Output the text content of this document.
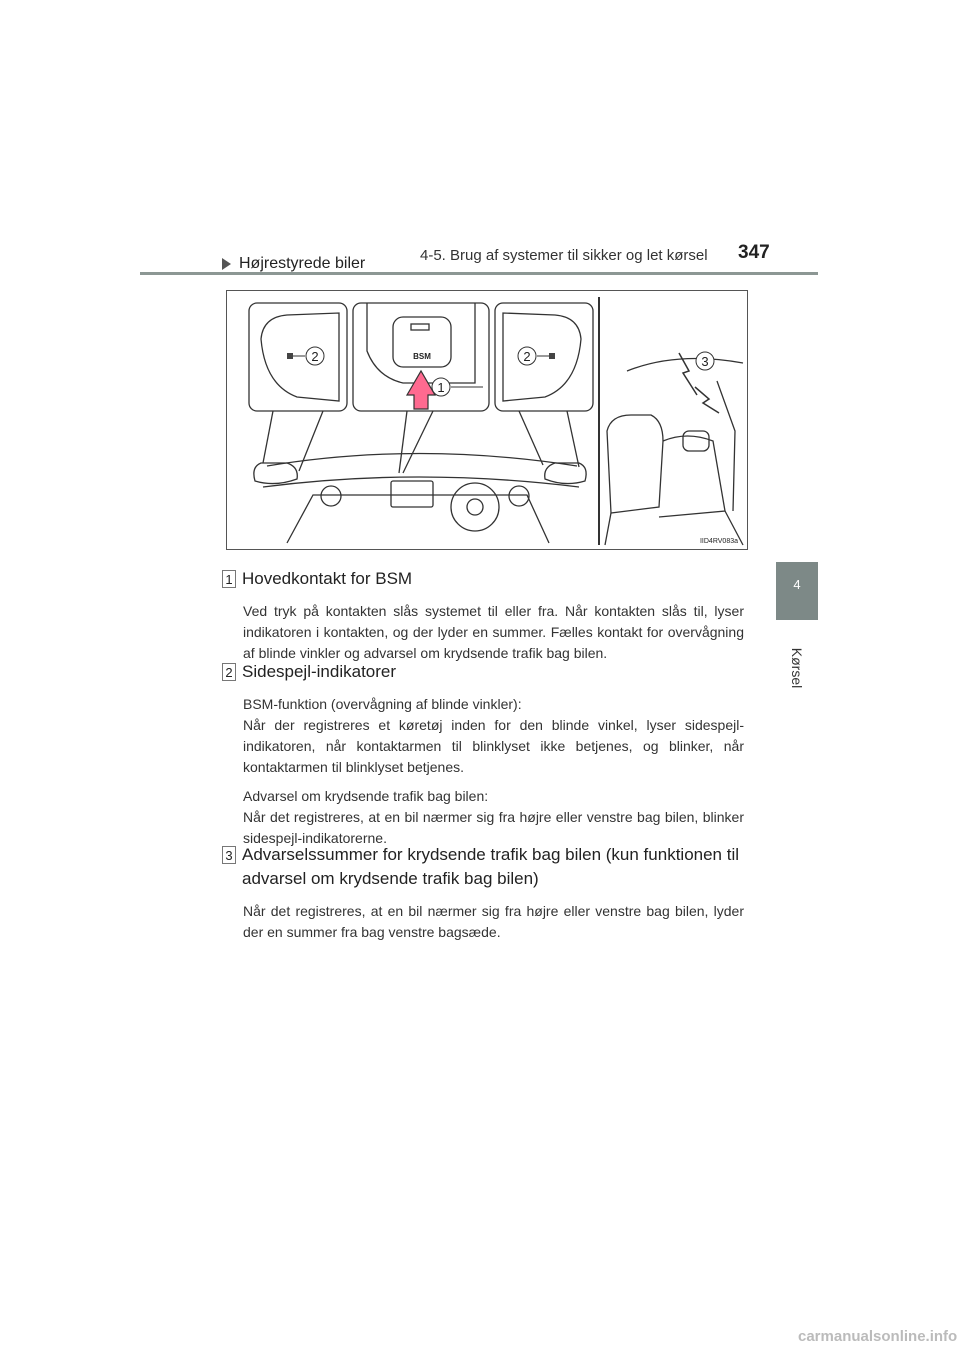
4-5. Brug af systemer til sikker og let kørsel 347
4
Kørsel
Højrestyrede biler
2	2
1
3
BSM
IID4RV083a
1 Hovedkontakt for BSM

Ved tryk på kontakten slås systemet til eller fra. Når kontakten slås til, lyser indikatoren i kontakten, og der lyder en summer. Fælles kontakt for overvågning af blinde vinkler og advarsel om krydsende trafik bag bilen.

2 Sidespejl-indikatorer

BSM-funktion (overvågning af blinde vinkler):

Når der registreres et køretøj inden for den blinde vinkel, lyser sidespejl-indikatoren, når kontaktarmen til blinklyset ikke betjenes, og blinker, når kontaktarmen til blinklyset betjenes.

Advarsel om krydsende trafik bag bilen:

Når det registreres, at en bil nærmer sig fra højre eller venstre bag bilen, blinker sidespejl-indikatorerne.

3 Advarselssummer for krydsende trafik bag bilen (kun funktionen til advarsel om krydsende trafik bag bilen)

Når det registreres, at en bil nærmer sig fra højre eller venstre bag bilen, lyder der en summer fra bag venstre bagsæde.

carmanualsonline.info
